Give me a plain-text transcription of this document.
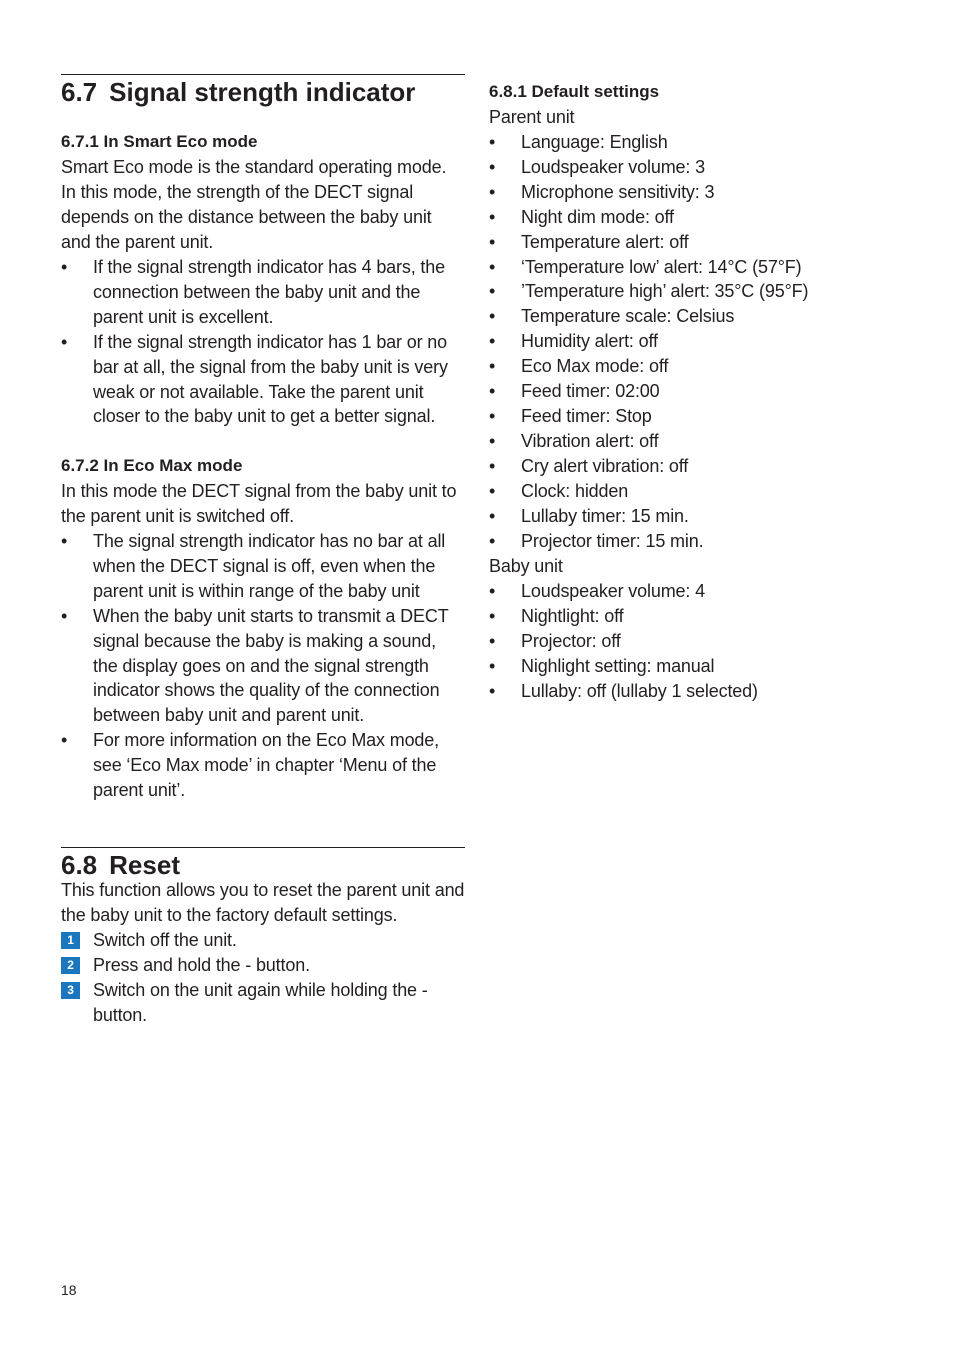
6.7 Signal strength indicator
6.7.1 In Smart Eco mode

Smart Eco mode is the standard operating mode. In this mode, the strength of the DECT signal depends on the distance between the baby unit and the parent unit.

• If the signal strength indicator has 4 bars, the connection between the baby unit and the parent unit is excellent.
• If the signal strength indicator has 1 bar or no bar at all, the signal from the baby unit is very weak or not available. Take the parent unit closer to the baby unit to get a better signal.
6.7.2 In Eco Max mode

In this mode the DECT signal from the baby unit to the parent unit is switched off.

• The signal strength indicator has no bar at all when the DECT signal is off, even when the parent unit is within range of the baby unit
• When the baby unit starts to transmit a DECT signal because the baby is making a sound, the display goes on and the signal strength indicator shows the quality of the connection between baby unit and parent unit.
• For more information on the Eco Max mode, see ‘Eco Max mode’ in chapter ‘Menu of the parent unit’.
6.8 Reset

This function allows you to reset the parent unit and the baby unit to the factory default settings.

1	Switch off the unit.
2	Press and hold the - button.
3	Switch on the unit again while holding the - button.
6.8.1 Default settings

Parent unit

• Language: English
• Loudspeaker volume: 3
• Microphone sensitivity: 3
• Night dim mode: off
• Temperature alert: off
• ‘Temperature low’ alert: 14°C (57°F)
• ’Temperature high’ alert: 35°C (95°F)
• Temperature scale: Celsius
• Humidity alert: off
• Eco Max mode: off
• Feed timer: 02:00
• Feed timer: Stop
• Vibration alert: off
• Cry alert vibration: off
• Clock: hidden
• Lullaby timer: 15 min.
• Projector timer: 15 min.

Baby unit

• Loudspeaker volume: 4
• Nightlight: off
• Projector: off
• Nighlight setting: manual
• Lullaby: off (lullaby 1 selected)
18
